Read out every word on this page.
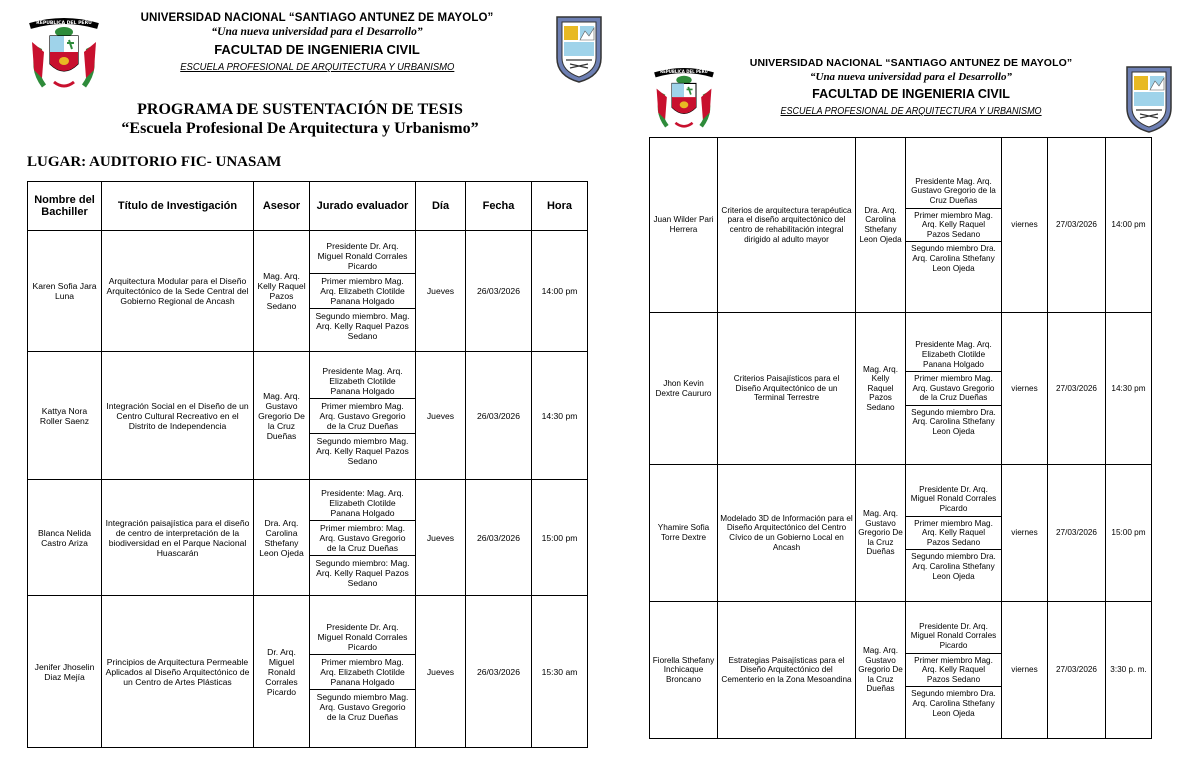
REPUBLICA DEL PERU	UNIVERSIDAD NACIONAL “SANTIAGO ANTUNEZ DE MAYOLO”
“Una nueva universidad para el Desarrollo”
FACULTAD DE INGENIERIA CIVIL
ESCUELA PROFESIONAL DE ARQUITECTURA Y URBANISMO
PROGRAMA DE SUSTENTACIÓN DE TESIS
“Escuela Profesional De Arquitectura y Urbanismo”
LUGAR: AUDITORIO FIC- UNASAM
Nombre del Bachiller	Título de Investigación	Asesor	Jurado evaluador	Día	Fecha	Hora
Karen Sofia Jara Luna	Arquitectura Modular para el Diseño Arquitectónico de la Sede Central del Gobierno Regional de Ancash	Mag. Arq. Kelly Raquel Pazos Sedano	Presidente Dr. Arq. Miguel Ronald Corrales Picardo
Primer miembro Mag. Arq. Elizabeth Clotilde Panana Holgado
Segundo miembro. Mag. Arq. Kelly Raquel Pazos Sedano	Jueves	26/03/2026	14:00 pm
Kattya Nora Roller Saenz	Integración Social en el Diseño de un Centro Cultural Recreativo en el Distrito de Independencia	Mag. Arq. Gustavo Gregorio De la Cruz Dueñas	Presidente Mag. Arq. Elizabeth Clotilde Panana Holgado
Primer miembro Mag. Arq. Gustavo Gregorio de la Cruz Dueñas
Segundo miembro Mag. Arq. Kelly Raquel Pazos Sedano	Jueves	26/03/2026	14:30 pm
Blanca Nelida Castro Ariza	Integración paisajística para el diseño de centro de interpretación de la biodiversidad en el Parque Nacional Huascarán	Dra. Arq. Carolina Sthefany Leon Ojeda	Presidente: Mag. Arq. Elizabeth Clotilde Panana Holgado
Primer miembro: Mag. Arq. Gustavo Gregorio de la Cruz Dueñas
Segundo miembro: Mag. Arq. Kelly Raquel Pazos Sedano	Jueves	26/03/2026	15:00 pm
Jenifer Jhoselin Diaz Mejía	Principios de Arquitectura Permeable Aplicados al Diseño Arquitectónico de un Centro de Artes Plásticas	Dr. Arq. Miguel Ronald Corrales Picardo	Presidente Dr. Arq. Miguel Ronald Corrales Picardo
Primer miembro Mag. Arq. Elizabeth Clotilde Panana Holgado
Segundo miembro Mag. Arq. Gustavo Gregorio de la Cruz Dueñas	Jueves	26/03/2026	15:30 am
REPUBLICA DEL PERU
UNIVERSIDAD NACIONAL “SANTIAGO ANTUNEZ DE MAYOLO”
“Una nueva universidad para el Desarrollo”
FACULTAD DE INGENIERIA CIVIL
ESCUELA PROFESIONAL DE ARQUITECTURA Y URBANISMO
Juan Wilder Pari Herrera	Criterios de arquitectura terapéutica para el diseño arquitectónico del centro de rehabilitación integral dirigido al adulto mayor	Dra. Arq. Carolina Sthefany Leon Ojeda	Presidente Mag. Arq. Gustavo Gregorio de la Cruz Dueñas
Primer miembro Mag. Arq. Kelly Raquel Pazos Sedano
Segundo miembro Dra. Arq. Carolina Sthefany Leon Ojeda	viernes	27/03/2026	14:00 pm
Jhon Kevin Dextre Caururo	Criterios Paisajísticos para el Diseño Arquitectónico de un Terminal Terrestre	Mag. Arq. Kelly Raquel Pazos Sedano	Presidente Mag. Arq. Elizabeth Clotilde Panana Holgado
Primer miembro Mag. Arq. Gustavo Gregorio de la Cruz Dueñas
Segundo miembro Dra. Arq. Carolina Sthefany Leon Ojeda	viernes	27/03/2026	14:30 pm
Yhamire Sofia Torre Dextre	Modelado 3D de Información para el Diseño Arquitectónico del Centro Cívico de un Gobierno Local en Ancash	Mag. Arq. Gustavo Gregorio De la Cruz Dueñas	Presidente Dr. Arq. Miguel Ronald Corrales Picardo
Primer miembro Mag. Arq. Kelly Raquel Pazos Sedano
Segundo miembro Dra. Arq. Carolina Sthefany Leon Ojeda	viernes	27/03/2026	15:00 pm
Fiorella Sthefany Inchicaque Broncano	Estrategias Paisajísticas para el Diseño Arquitectónico del Cementerio en la Zona Mesoandina	Mag. Arq. Gustavo Gregorio De la Cruz Dueñas	Presidente Dr. Arq. Miguel Ronald Corrales Picardo
Primer miembro Mag. Arq. Kelly Raquel Pazos Sedano
Segundo miembro Dra. Arq. Carolina Sthefany Leon Ojeda	viernes	27/03/2026	3:30 p. m.
